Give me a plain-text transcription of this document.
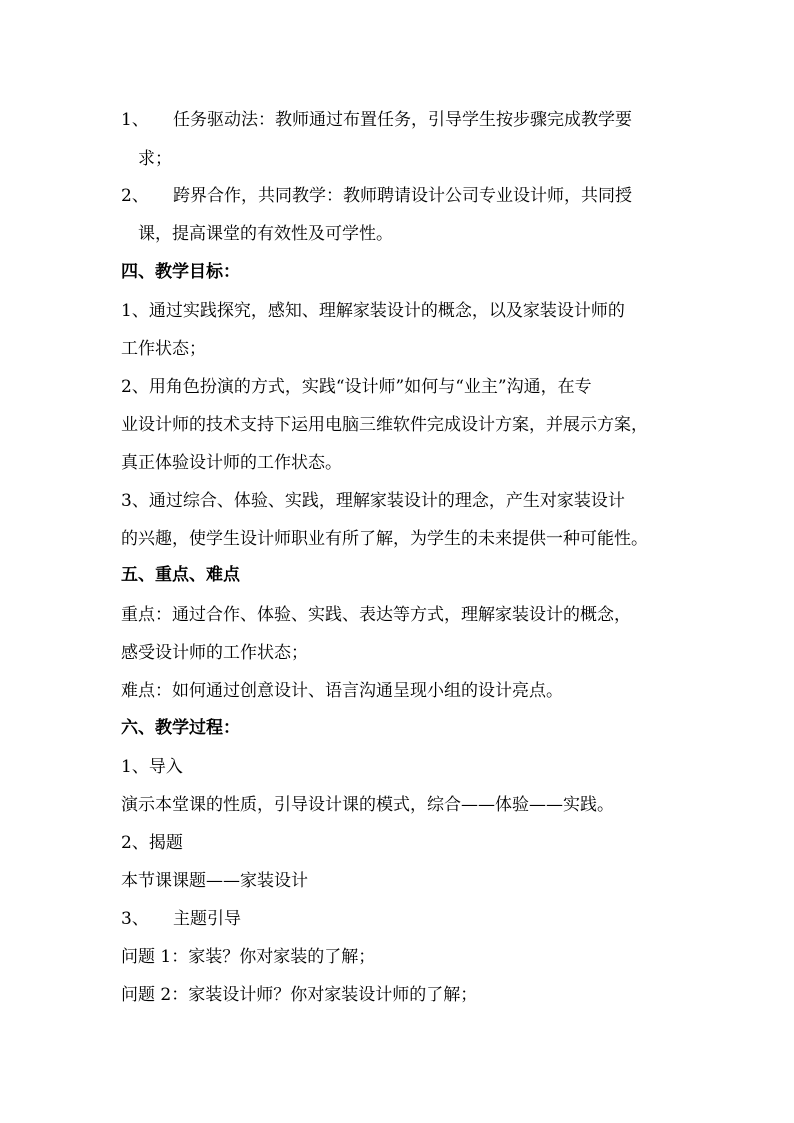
1、 任务驱动法：教师通过布置任务，引导学生按步骤完成教学要
求；
2、 跨界合作，共同教学：教师聘请设计公司专业设计师，共同授
课，提高课堂的有效性及可学性。
四、教学目标：
1、通过实践探究，感知、理解家装设计的概念，以及家装设计师的
工作状态；
2、用角色扮演的方式，实践“设计师”如何与“业主”沟通，在专
业设计师的技术支持下运用电脑三维软件完成设计方案，并展示方案，
真正体验设计师的工作状态。
3、通过综合、体验、实践，理解家装设计的理念，产生对家装设计
的兴趣，使学生设计师职业有所了解，为学生的未来提供一种可能性。
五、重点、难点
重点：通过合作、体验、实践、表达等方式，理解家装设计的概念，
感受设计师的工作状态；
难点：如何通过创意设计、语言沟通呈现小组的设计亮点。
六、教学过程：
1、导入
演示本堂课的性质，引导设计课的模式，综合——体验——实践。
2、揭题
本节课课题——家装设计
3、 主题引导
问题 1：家装？你对家装的了解；
问题 2：家装设计师？你对家装设计师的了解；
